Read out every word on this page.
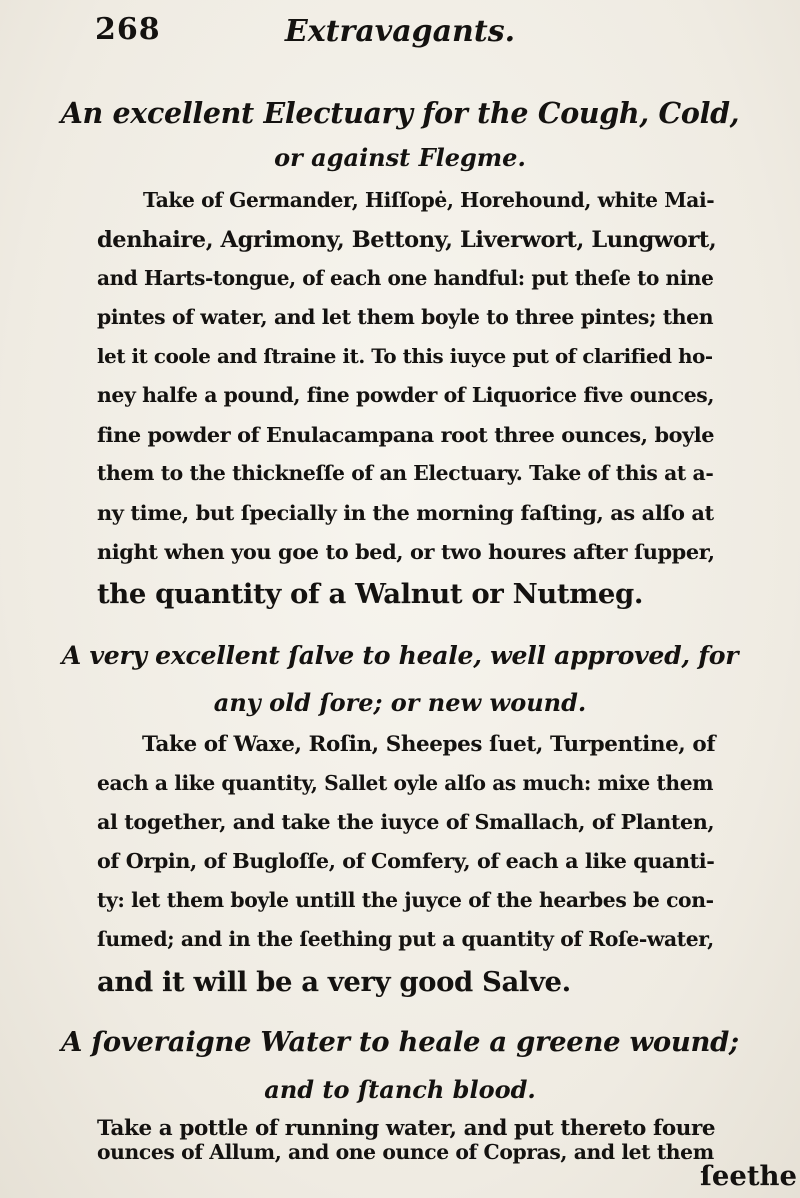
268	Extravagants.
An excellent Electuary for the Cough, Cold,
or against Flegme.
Take of Germander, Hiſſopė, Horehound, white Mai-
denhaire, Agrimony, Bettony, Liverwort, Lungwort,
and Harts-tongue, of each one handful: put theſe to nine
pintes of water, and let them boyle to three pintes; then
let it coole and ſtraine it. To this iuyce put of clarified ho-
ney halfe a pound, fine powder of Liquorice five ounces,
fine powder of Enulacampana root three ounces, boyle
them to the thickneſſe of an Electuary. Take of this at a-
ny time, but ſpecially in the morning faſting, as alſo at
night when you goe to bed, or two houres after ſupper,
the quantity of a Walnut or Nutmeg.
A very excellent ſalve to heale, well approved, for
any old ſore; or new wound.
Take of Waxe, Roſin, Sheepes ſuet, Turpentine, of
each a like quantity, Sallet oyle alſo as much: mixe them
al together, and take the iuyce of Smallach, of Planten,
of Orpin, of Bugloſſe, of Comfery, of each a like quanti-
ty: let them boyle untill the juyce of the hearbes be con-
ſumed; and in the ſeething put a quantity of Roſe-water,
and it will be a very good Salve.
A ſoveraigne Water to heale a greene wound;
and to ſtanch blood.
Take a pottle of running water, and put thereto foure
ounces of Allum, and one ounce of Copras, and let them
ſeethe
